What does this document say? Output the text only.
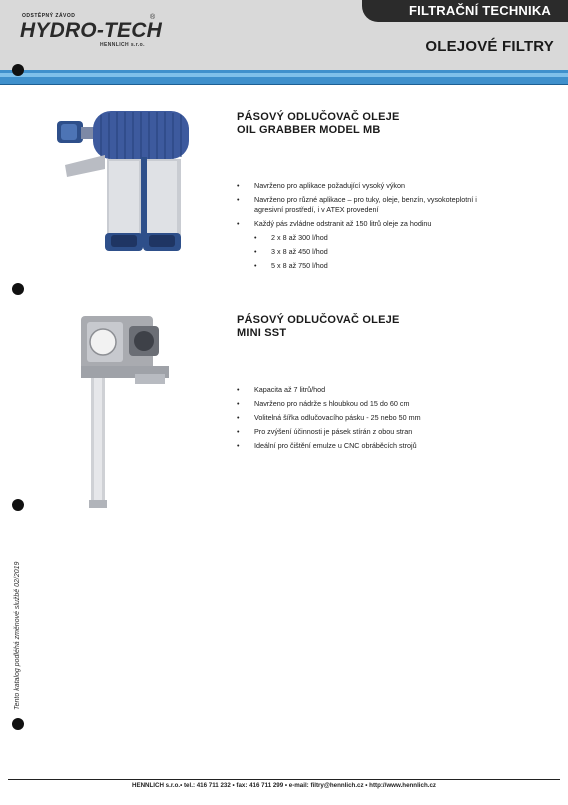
ODSTĚPNÝ ZÁVOD
HYDRO-TECH
®
HENNLICH s.r.o.
FILTRAČNÍ TECHNIKA
OLEJOVÉ FILTRY
PÁSOVÝ ODLUČOVAČ OLEJE
OIL GRABBER MODEL MB
• Navrženo pro aplikace požadující vysoký výkon
• Navrženo pro různé aplikace – pro tuky, oleje, benzín, vysokoteplotní i
agresivní prostředí, i v ATEX provedení
• Každý pás zvládne odstranit až 150 litrů oleje za hodinu
• 2 x 8 až 300 l/hod
• 3 x 8 až 450 l/hod
• 5 x 8 až 750 l/hod
PÁSOVÝ ODLUČOVAČ OLEJE
MINI SST
• Kapacita až 7 litrů/hod
• Navrženo pro nádrže s hloubkou od 15 do 60 cm
• Volitelná šířka odlučovacího pásku - 25 nebo 50 mm
• Pro zvýšení účinnosti je pásek stírán z obou stran
• Ideální pro čištění emulze u CNC obráběcích strojů
Tento katalog podléhá změnové službě 02/2019
HENNLICH s.r.o.• tel.: 416 711 232 • fax: 416 711 299 • e-mail: filtry@hennlich.cz • http://www.hennlich.cz
